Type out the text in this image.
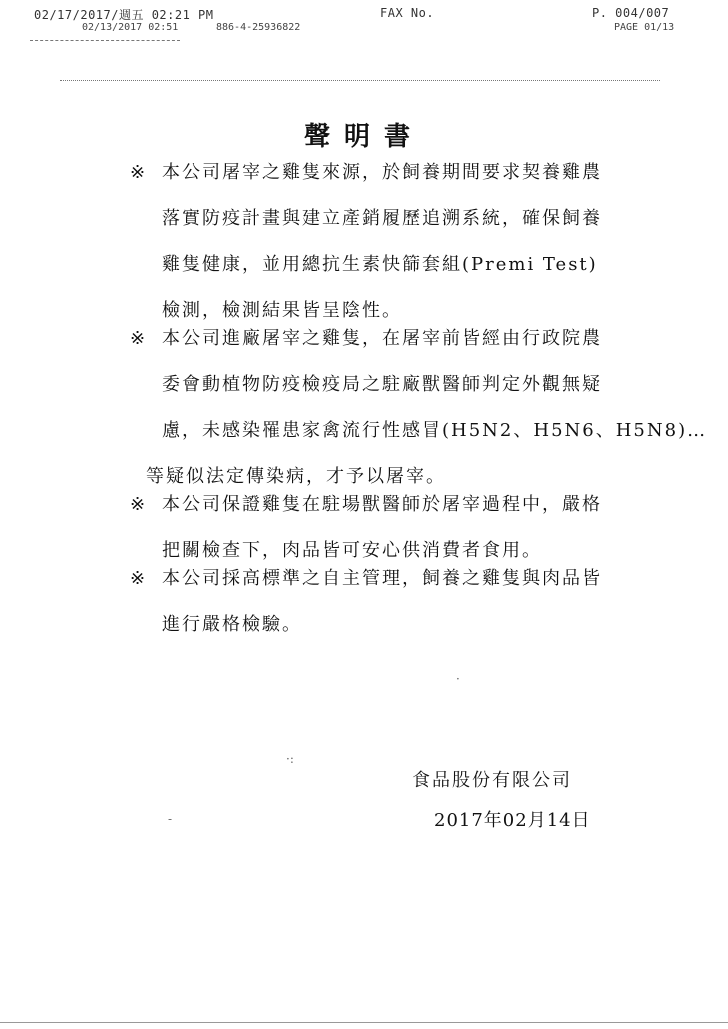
02/17/2017/週五 02:21 PM	FAX No.	P. 004/007
02/13/2017 02:51	886-4-25936822	PAGE 01/13
聲明書
※ 本公司屠宰之雞隻來源，於飼養期間要求契養雞農
落實防疫計畫與建立產銷履歷追溯系統，確保飼養
雞隻健康，並用總抗生素快篩套組(Premi Test)
檢測，檢測結果皆呈陰性。
※ 本公司進廠屠宰之雞隻，在屠宰前皆經由行政院農
委會動植物防疫檢疫局之駐廠獸醫師判定外觀無疑
慮，未感染罹患家禽流行性感冒(H5N2、H5N6、H5N8)…
等疑似法定傳染病，才予以屠宰。
※ 本公司保證雞隻在駐場獸醫師於屠宰過程中，嚴格
把關檢查下，肉品皆可安心供消費者食用。
※ 本公司採高標準之自主管理，飼養之雞隻與肉品皆
進行嚴格檢驗。
·
·:
-
食品股份有限公司
2017年02月14日
